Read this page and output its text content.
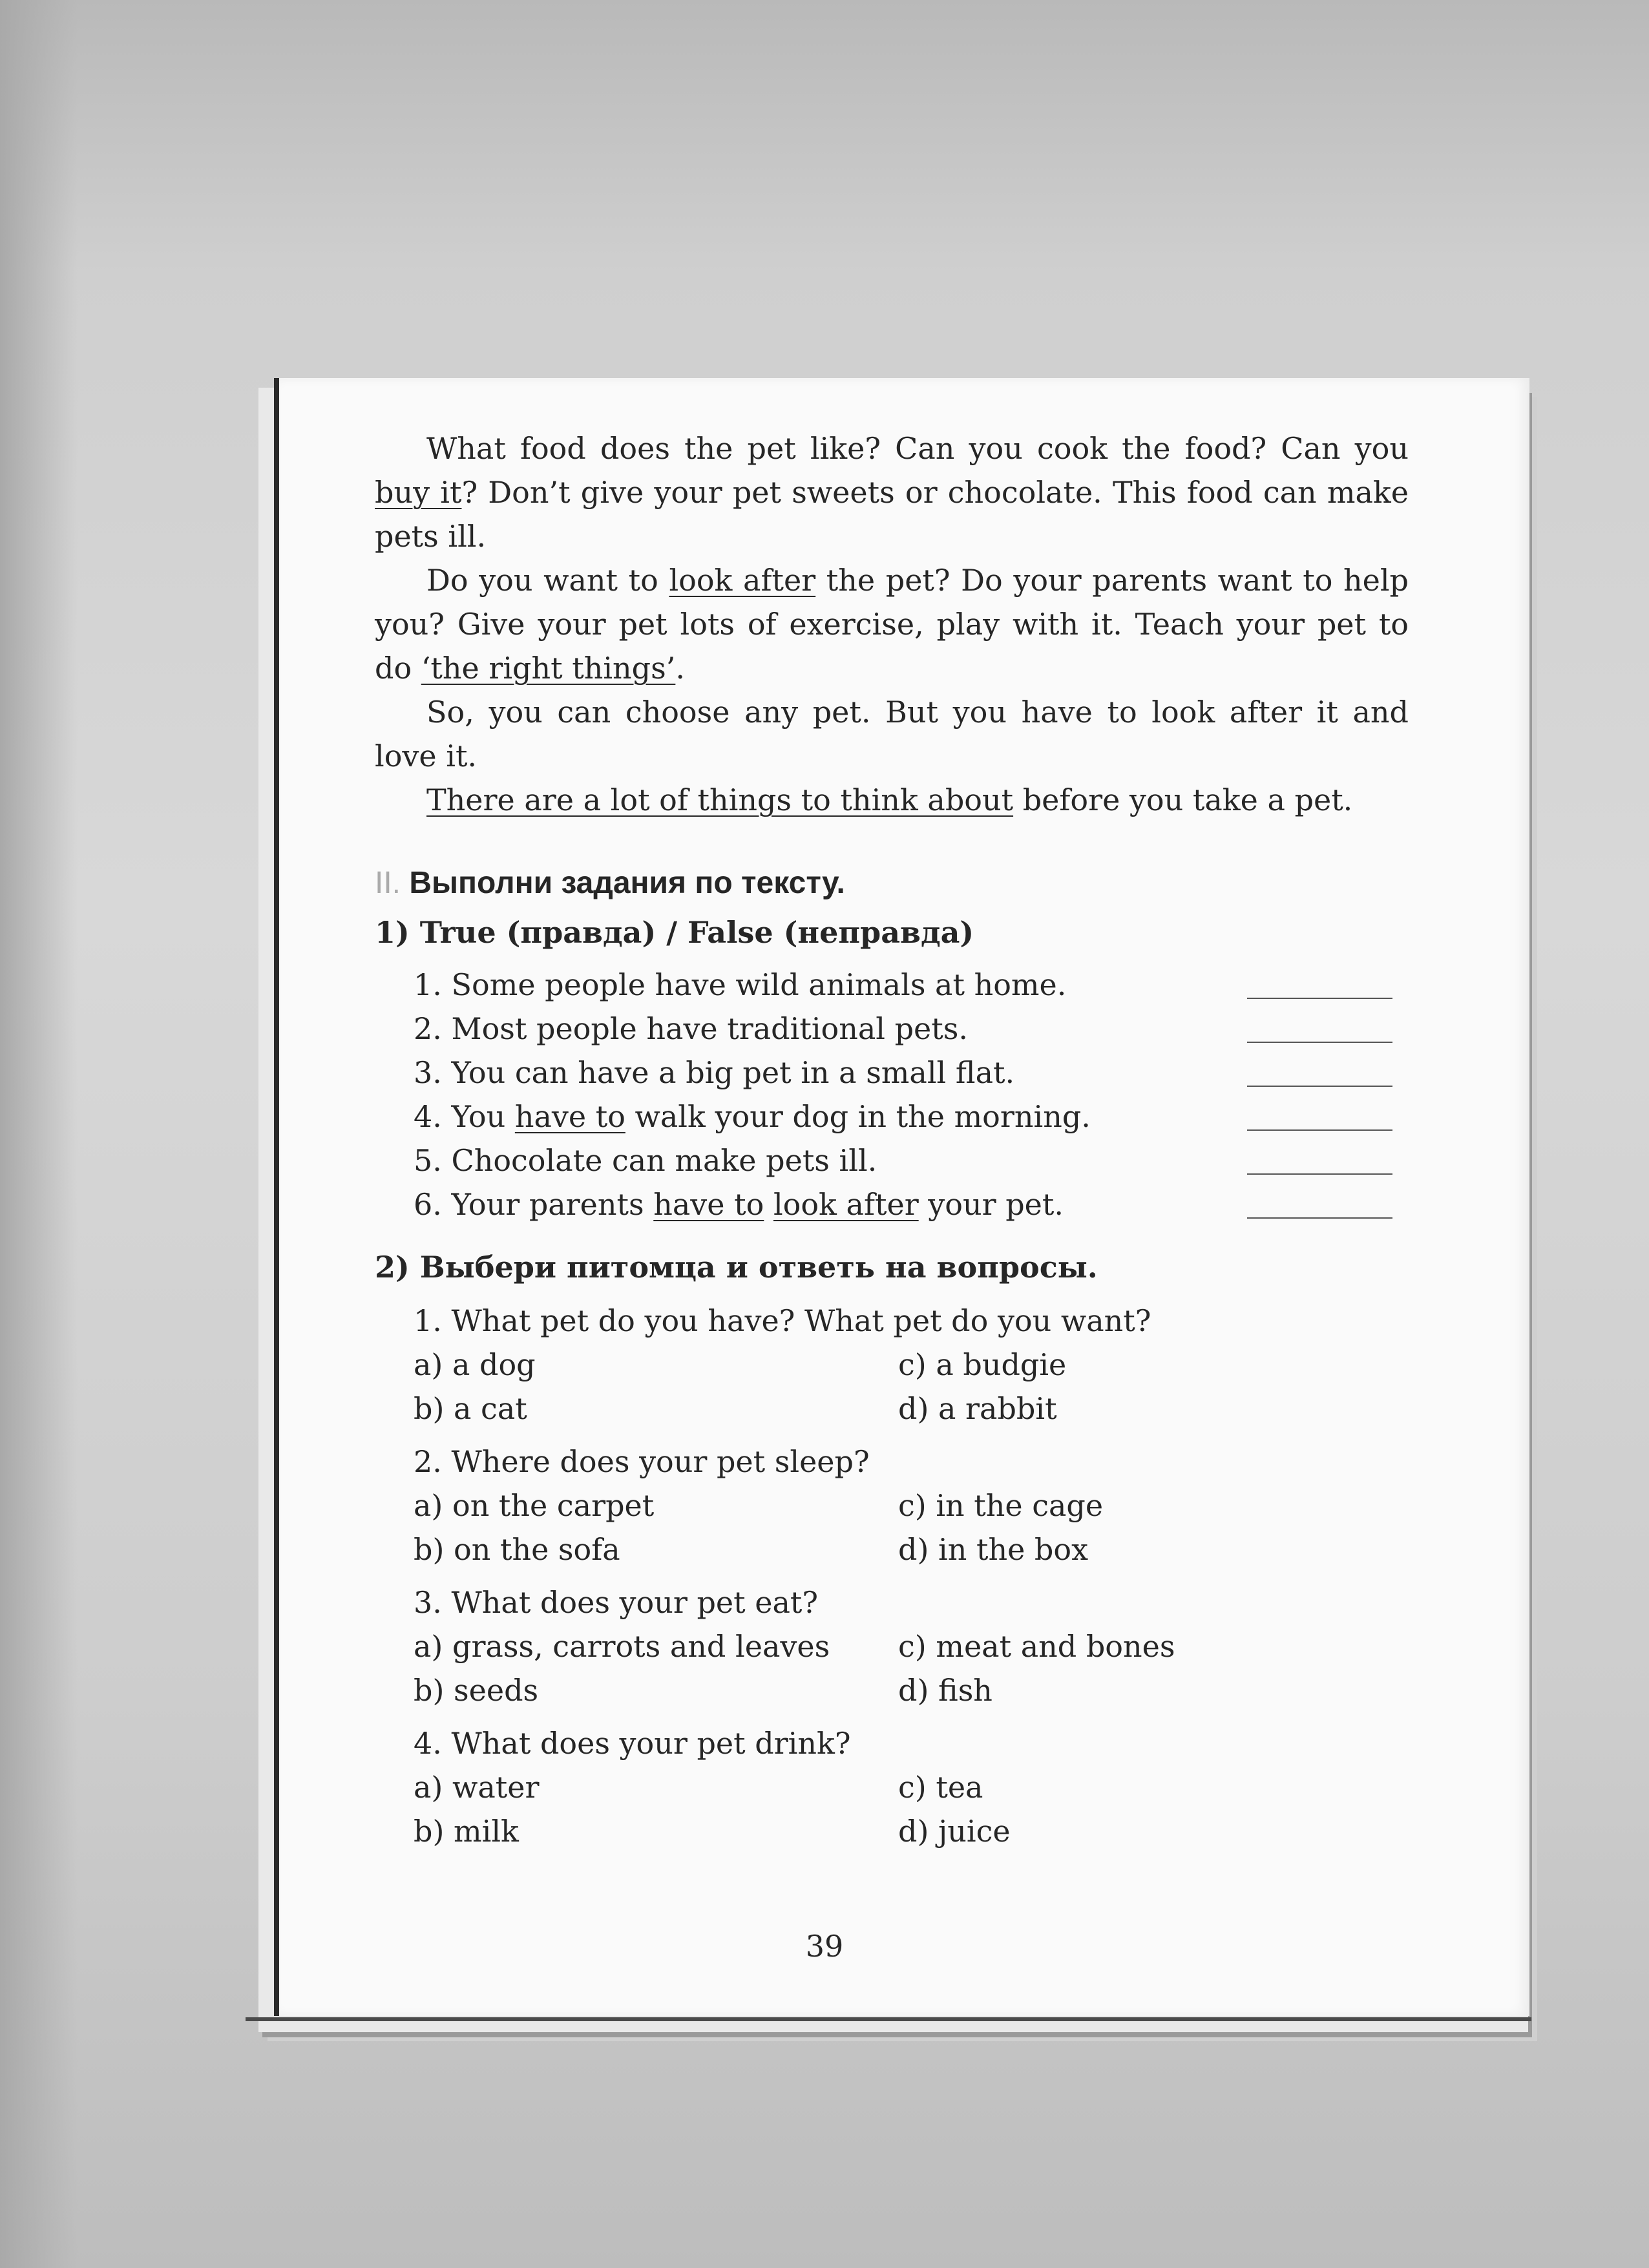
What food does the pet like? Can you cook the food? Can you buy it? Don’t give your pet sweets or chocolate. This food can make pets ill.

Do you want to look after the pet? Do your parents want to help you? Give your pet lots of exercise, play with it. Teach your pet to do ‘the right things’.

So, you can choose any pet. But you have to look after it and love it.

There are a lot of things to think about before you take a pet.

II. Выполни задания по тексту.
1) True (правда) / False (неправда)
1. Some people have wild animals at home.
2. Most people have traditional pets.
3. You can have a big pet in a small flat.
4. You have to walk your dog in the morning.
5. Chocolate can make pets ill.
6. Your parents have to look after your pet.
2) Выбери питомца и ответь на вопросы.
1. What pet do you have? What pet do you want?
a) a dog	c) a budgie
b) a cat	d) a rabbit
2. Where does your pet sleep?
a) on the carpet	c) in the cage
b) on the sofa	d) in the box
3. What does your pet eat?
a) grass, carrots and leaves	c) meat and bones
b) seeds	d) fish
4. What does your pet drink?
a) water	c) tea
b) milk	d) juice
39
